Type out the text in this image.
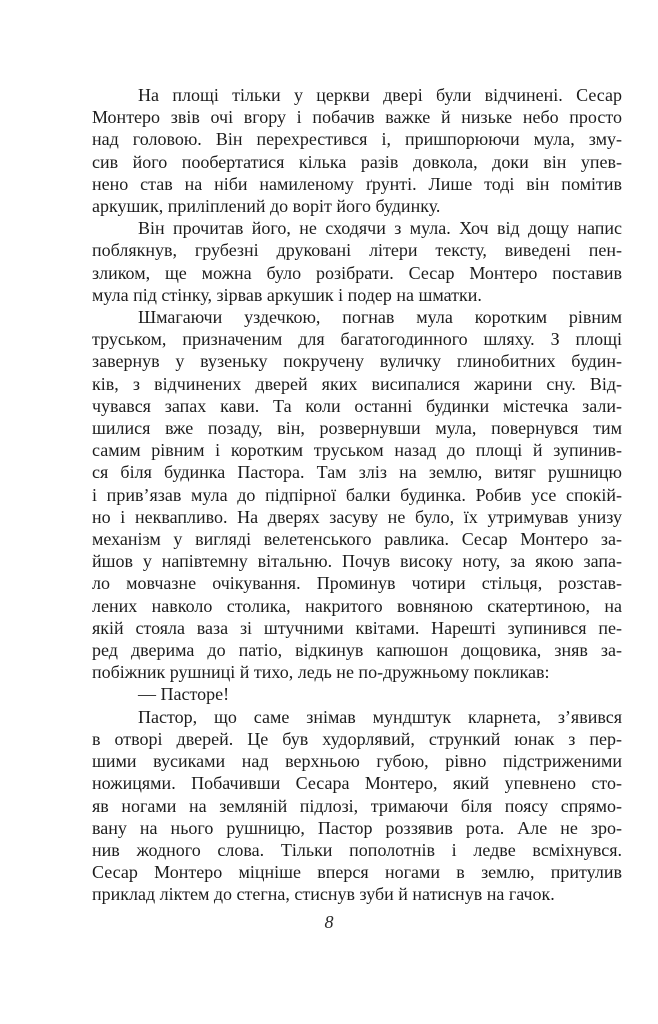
На площі тільки у церкви двері були відчинені. Сесар
Монтеро звів очі вгору і побачив важке й низьке небо просто
над головою. Він перехрестився і, пришпорюючи мула, зму-
сив його пообертатися кілька разів довкола, доки він упев-
нено став на ніби намиленому ґрунті. Лише тоді він помітив
аркушик, приліплений до воріт його будинку.
Він прочитав його, не сходячи з мула. Хоч від дощу напис
поблякнув, грубезні друковані літери тексту, виведені пен-
зликом, ще можна було розібрати. Сесар Монтеро поставив
мула під стінку, зірвав аркушик і подер на шматки.
Шмагаючи уздечкою, погнав мула коротким рівним
труськом, призначеним для багатогодинного шляху. З площі
завернув у вузеньку покручену вуличку глинобитних будин-
ків, з відчинених дверей яких висипалися жарини сну. Від-
чувався запах кави. Та коли останні будинки містечка зали-
шилися вже позаду, він, розвернувши мула, повернувся тим
самим рівним і коротким труськом назад до площі й зупинив-
ся біля будинка Пастора. Там зліз на землю, витяг рушницю
і прив’язав мула до підпірної балки будинка. Робив усе спокій-
но і неквапливо. На дверях засуву не було, їх утримував унизу
механізм у вигляді велетенського равлика. Сесар Монтеро за-
йшов у напівтемну вітальню. Почув високу ноту, за якою запа-
ло мовчазне очікування. Проминув чотири стільця, розстав-
лених навколо столика, накритого вовняною скатертиною, на
якій стояла ваза зі штучними квітами. Нарешті зупинився пе-
ред дверима до патіо, відкинув капюшон дощовика, зняв за-
побіжник рушниці й тихо, ледь не по-дружньому покликав:
— Пасторе!
Пастор, що саме знімав мундштук кларнета, з’явився
в отворі дверей. Це був худорлявий, стрункий юнак з пер-
шими вусиками над верхньою губою, рівно підстриженими
ножицями. Побачивши Сесара Монтеро, який упевнено сто-
яв ногами на земляній підлозі, тримаючи біля поясу спрямо-
вану на нього рушницю, Пастор роззявив рота. Але не зро-
нив жодного слова. Тільки пополотнів і ледве всміхнувся.
Сесар Монтеро міцніше вперся ногами в землю, притулив
приклад ліктем до стегна, стиснув зуби й натиснув на гачок.
8
